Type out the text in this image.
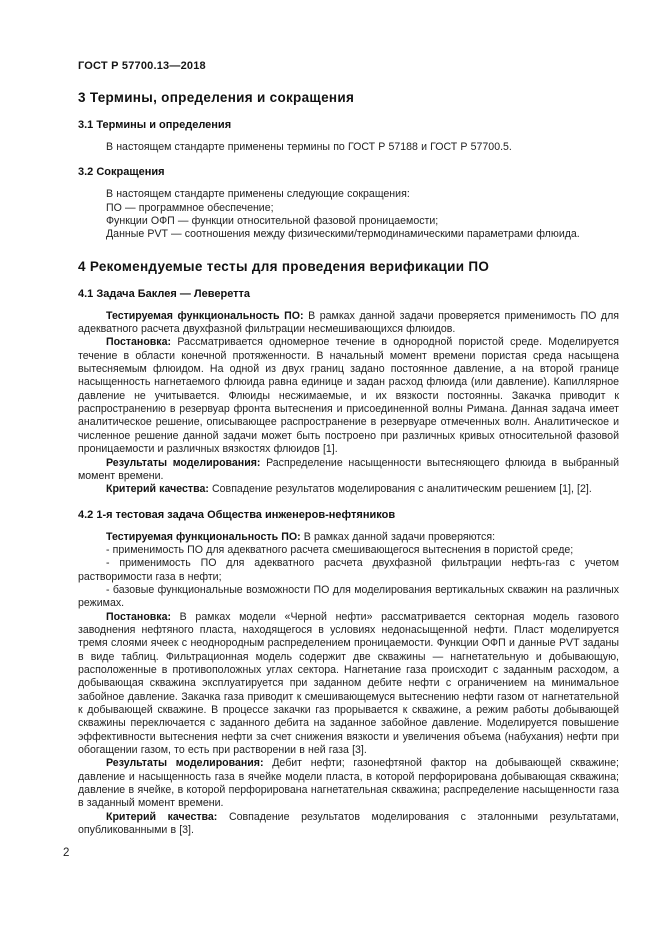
ГОСТ Р 57700.13—2018
3 Термины, определения и сокращения
3.1 Термины и определения

В настоящем стандарте применены термины по ГОСТ Р 57188 и ГОСТ Р 57700.5.

3.2 Сокращения

В настоящем стандарте применены следующие сокращения:

ПО — программное обеспечение;

Функции ОФП — функции относительной фазовой проницаемости;

Данные PVT — соотношения между физическими/термодинамическими параметрами флюида.

4 Рекомендуемые тесты для проведения верификации ПО
4.1 Задача Баклея — Леверетта

Тестируемая функциональность ПО: В рамках данной задачи проверяется применимость ПО для адекватного расчета двухфазной фильтрации несмешивающихся флюидов.

Постановка: Рассматривается одномерное течение в однородной пористой среде. Моделируется течение в области конечной протяженности. В начальный момент времени пористая среда насыщена вытесняемым флюидом. На одной из двух границ задано постоянное давление, а на второй границе насыщенность нагнетаемого флюида равна единице и задан расход флюида (или давление). Капиллярное давление не учитывается. Флюиды несжимаемые, и их вязкости постоянны. Закачка приводит к распространению в резервуар фронта вытеснения и присоединенной волны Римана. Данная задача имеет аналитическое решение, описывающее распространение в резервуаре отмеченных волн. Аналитическое и численное решение данной задачи может быть построено при различных кривых относительной фазовой проницаемости и различных вязкостях флюидов [1].

Результаты моделирования: Распределение насыщенности вытесняющего флюида в выбранный момент времени.

Критерий качества: Совпадение результатов моделирования с аналитическим решением [1], [2].

4.2 1-я тестовая задача Общества инженеров-нефтяников

Тестируемая функциональность ПО: В рамках данной задачи проверяются:

- применимость ПО для адекватного расчета смешивающегося вытеснения в пористой среде;

- применимость ПО для адекватного расчета двухфазной фильтрации нефть-газ с учетом растворимости газа в нефти;

- базовые функциональные возможности ПО для моделирования вертикальных скважин на различных режимах.

Постановка: В рамках модели «Черной нефти» рассматривается секторная модель газового заводнения нефтяного пласта, находящегося в условиях недонасыщенной нефти. Пласт моделируется тремя слоями ячеек с неоднородным распределением проницаемости. Функции ОФП и данные PVT заданы в виде таблиц. Фильтрационная модель содержит две скважины — нагнетательную и добывающую, расположенные в противоположных углах сектора. Нагнетание газа происходит с заданным расходом, а добывающая скважина эксплуатируется при заданном дебите нефти с ограничением на минимальное забойное давление. Закачка газа приводит к смешивающемуся вытеснению нефти газом от нагнетательной к добывающей скважине. В процессе закачки газ прорывается к скважине, а режим работы добывающей скважины переключается с заданного дебита на заданное забойное давление. Моделируется повышение эффективности вытеснения нефти за счет снижения вязкости и увеличения объема (набухания) нефти при обогащении газом, то есть при растворении в ней газа [3].

Результаты моделирования: Дебит нефти; газонефтяной фактор на добывающей скважине; давление и насыщенность газа в ячейке модели пласта, в которой перфорирована добывающая скважина; давление в ячейке, в которой перфорирована нагнетательная скважина; распределение насыщенности газа в заданный момент времени.

Критерий качества: Совпадение результатов моделирования с эталонными результатами, опубликованными в [3].

2
